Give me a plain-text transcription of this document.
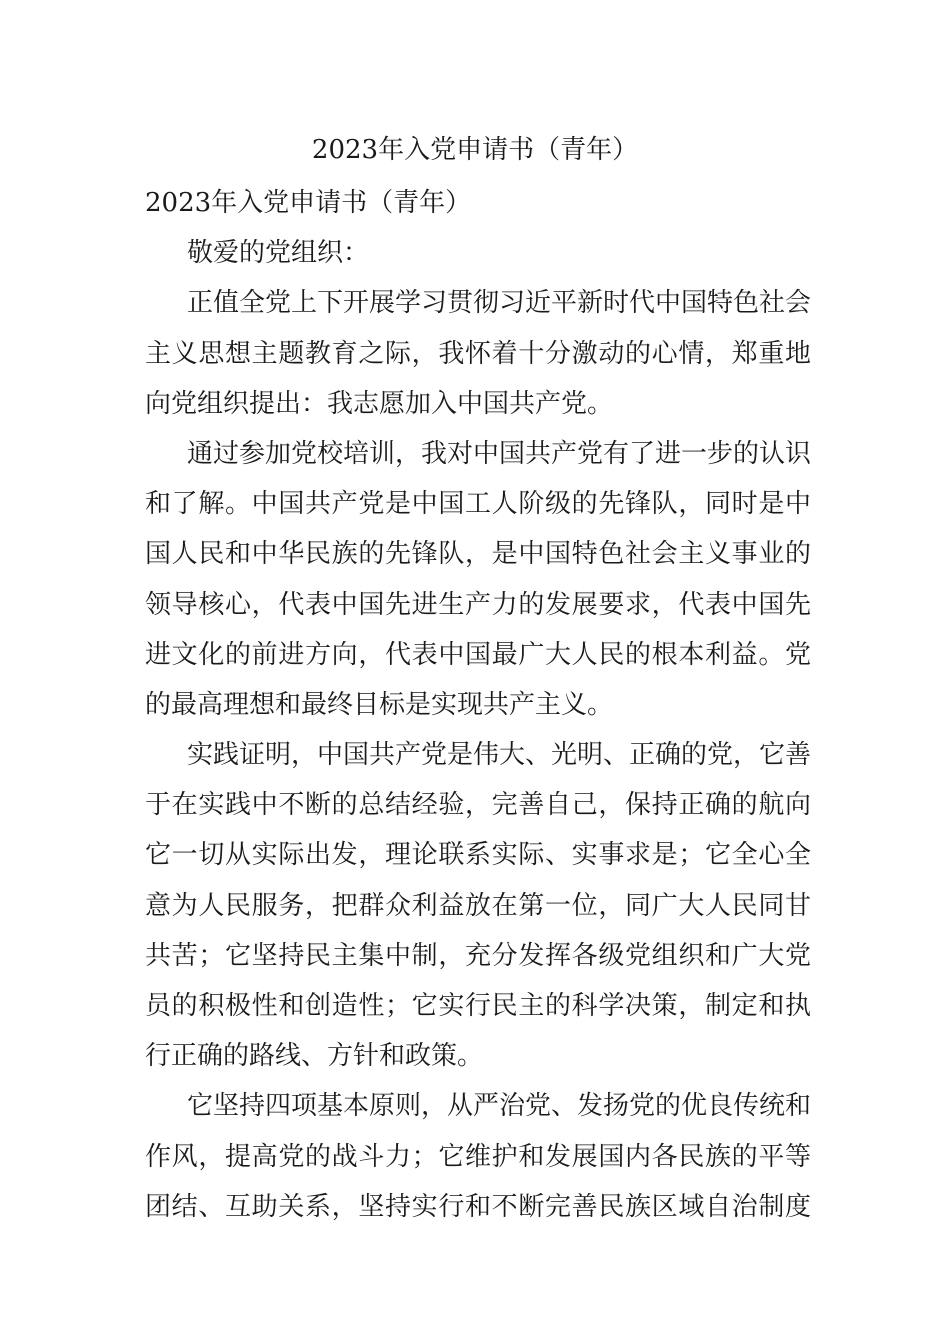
2023年入党申请书（青年）
2023年入党申请书（青年）
敬爱的党组织：
正值全党上下开展学习贯彻习近平新时代中国特色社会
主义思想主题教育之际，我怀着十分激动的心情，郑重地
向党组织提出：我志愿加入中国共产党。
通过参加党校培训，我对中国共产党有了进一步的认识
和了解。中国共产党是中国工人阶级的先锋队，同时是中
国人民和中华民族的先锋队，是中国特色社会主义事业的
领导核心，代表中国先进生产力的发展要求，代表中国先
进文化的前进方向，代表中国最广大人民的根本利益。党
的最高理想和最终目标是实现共产主义。
实践证明，中国共产党是伟大、光明、正确的党，它善
于在实践中不断的总结经验，完善自己，保持正确的航向
它一切从实际出发，理论联系实际、实事求是；它全心全
意为人民服务，把群众利益放在第一位，同广大人民同甘
共苦；它坚持民主集中制，充分发挥各级党组织和广大党
员的积极性和创造性；它实行民主的科学决策，制定和执
行正确的路线、方针和政策。
它坚持四项基本原则，从严治党、发扬党的优良传统和
作风，提高党的战斗力；它维护和发展国内各民族的平等
团结、互助关系，坚持实行和不断完善民族区域自治制度
